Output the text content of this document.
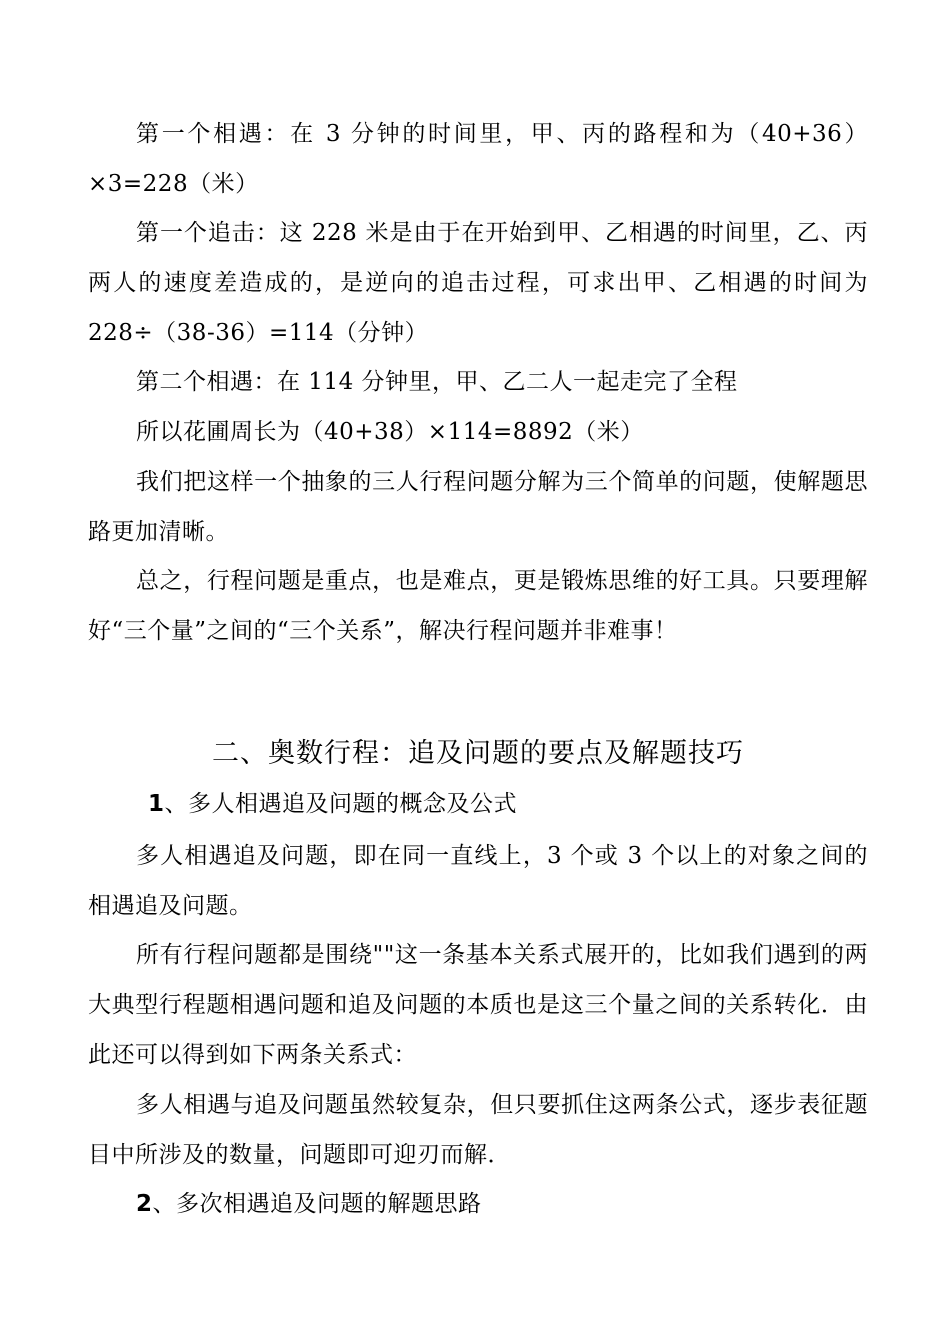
第一个相遇：在 3 分钟的时间里，甲、丙的路程和为（40+36）×3=228（米）

第一个追击：这 228 米是由于在开始到甲、乙相遇的时间里，乙、丙两人的速度差造成的，是逆向的追击过程，可求出甲、乙相遇的时间为 228÷（38-36）=114（分钟）

第二个相遇：在 114 分钟里，甲、乙二人一起走完了全程

所以花圃周长为（40+38）×114=8892（米）

我们把这样一个抽象的三人行程问题分解为三个简单的问题，使解题思路更加清晰。

总之，行程问题是重点，也是难点，更是锻炼思维的好工具。只要理解好“三个量”之间的“三个关系”，解决行程问题并非难事！

二、奥数行程：追及问题的要点及解题技巧
1、多人相遇追及问题的概念及公式

多人相遇追及问题，即在同一直线上，3 个或 3 个以上的对象之间的相遇追及问题。

所有行程问题都是围绕""这一条基本关系式展开的，比如我们遇到的两大典型行程题相遇问题和追及问题的本质也是这三个量之间的关系转化．由此还可以得到如下两条关系式：

多人相遇与追及问题虽然较复杂，但只要抓住这两条公式，逐步表征题目中所涉及的数量，问题即可迎刃而解．

2、多次相遇追及问题的解题思路
